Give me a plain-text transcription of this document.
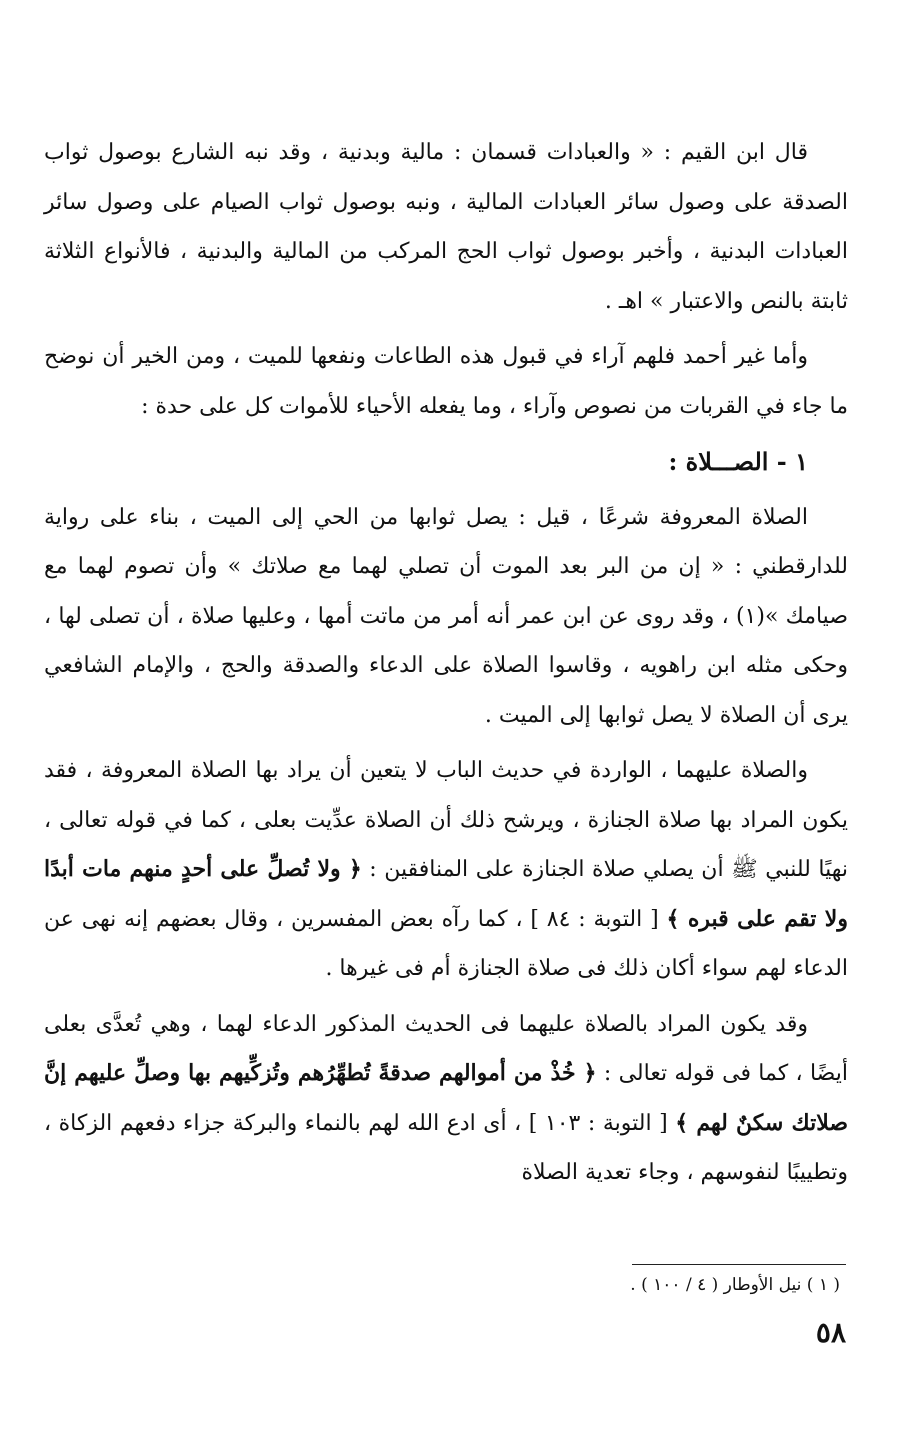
قال ابن القيم : « والعبادات قسمان : مالية وبدنية ، وقد نبه الشارع بوصول ثواب الصدقة على وصول سائر العبادات المالية ، ونبه بوصول ثواب الصيام على وصول سائر العبادات البدنية ، وأخبر بوصول ثواب الحج المركب من المالية والبدنية ، فالأنواع الثلاثة ثابتة بالنص والاعتبار » اهـ .

وأما غير أحمد فلهم آراء في قبول هذه الطاعات ونفعها للميت ، ومن الخير أن نوضح ما جاء في القربات من نصوص وآراء ، وما يفعله الأحياء للأموات كل على حدة :

١ - الصـــلاة :

الصلاة المعروفة شرعًا ، قيل : يصل ثوابها من الحي إلى الميت ، بناء على رواية للدارقطني : « إن من البر بعد الموت أن تصلي لهما مع صلاتك » وأن تصوم لهما مع صيامك »(١) ، وقد روى عن ابن عمر أنه أمر من ماتت أمها ، وعليها صلاة ، أن تصلى لها ، وحكى مثله ابن راهويه ، وقاسوا الصلاة على الدعاء والصدقة والحج ، والإمام الشافعي يرى أن الصلاة لا يصل ثوابها إلى الميت .

والصلاة عليهما ، الواردة في حديث الباب لا يتعين أن يراد بها الصلاة المعروفة ، فقد يكون المراد بها صلاة الجنازة ، ويرشح ذلك أن الصلاة عدِّيت بعلى ، كما في قوله تعالى ، نهيًا للنبي ﷺ أن يصلي صلاة الجنازة على المنافقين : ﴿ ولا تُصلِّ على أحدٍ منهم مات أبدًا ولا تقم على قبره ﴾ [ التوبة : ٨٤ ] ، كما رآه بعض المفسرين ، وقال بعضهم إنه نهى عن الدعاء لهم سواء أكان ذلك فى صلاة الجنازة أم فى غيرها .

وقد يكون المراد بالصلاة عليهما فى الحديث المذكور الدعاء لهما ، وهي تُعدَّى بعلى أيضًا ، كما فى قوله تعالى : ﴿ خُذْ من أموالهم صدقةً تُطهِّرُهم وتُزكِّيهم بها وصلِّ عليهم إنَّ صلاتك سكنٌ لهم ﴾ [ التوبة : ١٠٣ ] ، أى ادع الله لهم بالنماء والبركة جزاء دفعهم الزكاة ، وتطييبًا لنفوسهم ، وجاء تعدية الصلاة

( ١ ) نيل الأوطار ( ٤ / ١٠٠ ) .
٥٨
